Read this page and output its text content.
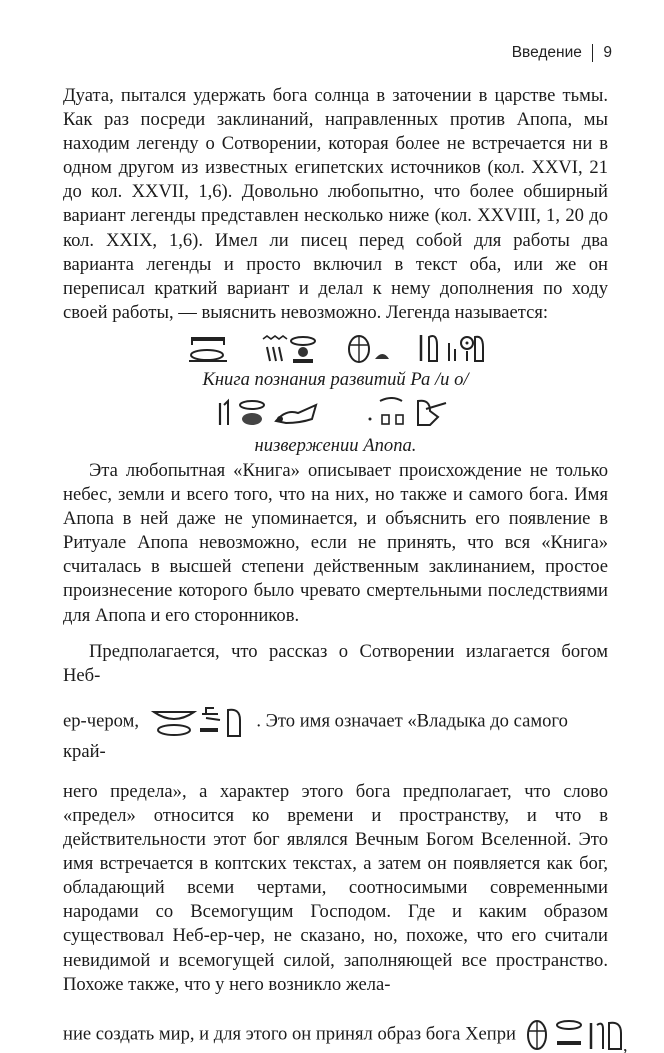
Введение 9

Дуата, пытался удержать бога солнца в заточении в царстве тьмы. Как раз посреди заклинаний, направленных против Апопа, мы находим легенду о Сотворении, которая более не встречается ни в одном другом из известных египетских источников (кол. XXVI, 21 до кол. XXVII, 1,6). Довольно любопытно, что более обширный вариант легенды представлен несколько ниже (кол. XXVIII, 1, 20 до кол. XXIX, 1,6). Имел ли писец перед собой для работы два варианта легенды и просто включил в текст оба, или же он переписал краткий вариант и делал к нему дополнения по ходу своей работы, — выяснить невозможно. Легенда называется:

Книга познания развитий Ра /и о/

низвержении Апопа.

Эта любопытная «Книга» описывает происхождение не только небес, земли и всего того, что на них, но также и самого бога. Имя Апопа в ней даже не упоминается, и объяснить его появление в Ритуале Апопа невозможно, если не принять, что вся «Книга» считалась в высшей степени действенным заклинанием, простое произнесение которого было чревато смертельными последствиями для Апопа и его сторонников.

Предполагается, что рассказ о Сотворении излагается богом Неб-

ер-чером,	. Это имя означает «Владыка до самого край-

него предела», а характер этого бога предполагает, что слово «предел» относится ко времени и пространству, и что в действительности этот бог являлся Вечным Богом Вселенной. Это имя встречается в коптских текстах, а затем он появляется как бог, обладающий всеми чертами, соотносимыми современными народами со Всемогущим Господом. Где и каким образом существовал Неб-ер-чер, не сказано, но, похоже, что его считали невидимой и всемогущей силой, заполняющей все пространство. Похоже также, что у него возникло жела-

ние создать мир, и для этого он принял образ бога Хепри
,
